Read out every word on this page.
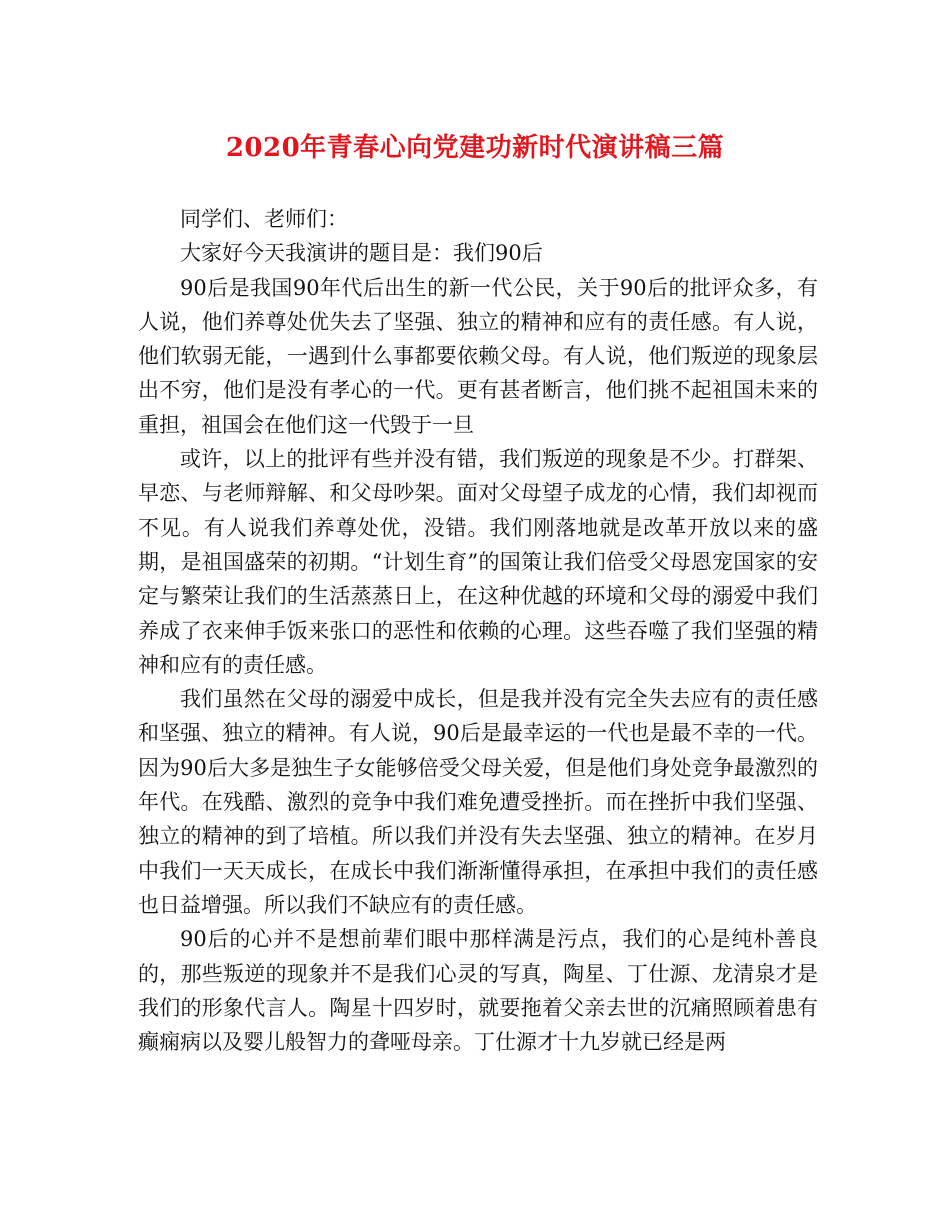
2020年青春心向党建功新时代演讲稿三篇

同学们、老师们：

大家好今天我演讲的题目是：我们90后

90后是我国90年代后出生的新一代公民，关于90后的批评众多，有人说，他们养尊处优失去了坚强、独立的精神和应有的责任感。有人说，他们软弱无能，一遇到什么事都要依赖父母。有人说，他们叛逆的现象层出不穷，他们是没有孝心的一代。更有甚者断言，他们挑不起祖国未来的重担，祖国会在他们这一代毁于一旦

或许，以上的批评有些并没有错，我们叛逆的现象是不少。打群架、早恋、与老师辩解、和父母吵架。面对父母望子成龙的心情，我们却视而不见。有人说我们养尊处优，没错。我们刚落地就是改革开放以来的盛期，是祖国盛荣的初期。“计划生育”的国策让我们倍受父母恩宠国家的安定与繁荣让我们的生活蒸蒸日上，在这种优越的环境和父母的溺爱中我们养成了衣来伸手饭来张口的恶性和依赖的心理。这些吞噬了我们坚强的精神和应有的责任感。

我们虽然在父母的溺爱中成长，但是我并没有完全失去应有的责任感和坚强、独立的精神。有人说，90后是最幸运的一代也是最不幸的一代。因为90后大多是独生子女能够倍受父母关爱，但是他们身处竞争最激烈的年代。在残酷、激烈的竞争中我们难免遭受挫折。而在挫折中我们坚强、独立的精神的到了培植。所以我们并没有失去坚强、独立的精神。在岁月中我们一天天成长，在成长中我们渐渐懂得承担，在承担中我们的责任感也日益增强。所以我们不缺应有的责任感。

90后的心并不是想前辈们眼中那样满是污点，我们的心是纯朴善良的，那些叛逆的现象并不是我们心灵的写真，陶星、丁仕源、龙清泉才是我们的形象代言人。陶星十四岁时，就要拖着父亲去世的沉痛照顾着患有癫痫病以及婴儿般智力的聋哑母亲。丁仕源才十九岁就已经是两
